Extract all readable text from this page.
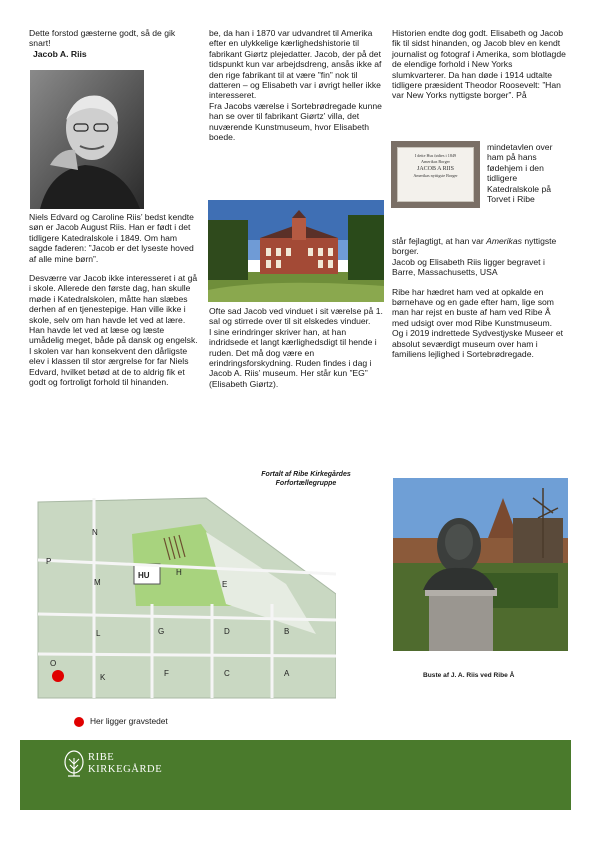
Dette forstod gæsterne godt, så de gik snart!

Jacob A. Riis

Niels Edvard og Caroline Riis’ bedst kendte søn er Jacob August Riis. Han er født i det tidligere Katedralskole i 1849. Om ham sagde faderen: ”Jacob er det lyseste hoved af alle mine børn”.

Desværre var Jacob ikke interesseret i at gå i skole. Allerede den første dag, han skulle møde i Katedralskolen, måtte han slæbes derhen af en tjenestepige. Han ville ikke i skole, selv om han havde let ved at lære. Han havde let ved at læse og læste umådelig meget, både på dansk og engelsk.

I skolen var han konsekvent den dårligste elev i klassen til stor ærgrelse for far Niels Edvard, hvilket betød at de to aldrig fik et godt og fortroligt forhold til hinanden.

be, da han i 1870 var udvandret til Amerika efter en ulykkelige kærlighedshistorie til fabrikant Giørtz plejedatter. Jacob, der på det tidspunkt kun var arbejdsdreng, ansås ikke af den rige fabrikant til at være ”fin” nok til datteren – og Elisabeth var i øvrigt heller ikke interesseret.

Fra Jacobs værelse i Sortebrødregade kunne han se over til fabrikant Giørtz’ villa, det nuværende Kunstmuseum, hvor Elisabeth boede.

Ofte sad Jacob ved vinduet i sit værelse på 1. sal og stirrede over til sit elskedes vinduer.

I sine erindringer skriver han, at han indridsede et langt kærlighedsdigt til hende i ruden. Det må dog være en erindringsforskydning. Ruden findes i dag i Jacob A. Riis’ museum. Her står kun ”EG” (Elisabeth Giørtz).

Fortalt af Ribe Kirkegårdes Forfortællegruppe

Historien endte dog godt. Elisabeth og Jacob fik til sidst hinanden, og Jacob blev en kendt journalist og fotograf i Amerika, som blotlagde de elendige forhold i New Yorks slumkvarterer. Da han døde i 1914 udtalte tidligere præsident Theodor Roosevelt: ”Han var New Yorks nyttigste borger”. På

I dette Hus fødtes i 1849
Amerikas Borger
JACOB A RIIS
Amerikas nyttigste Borger

mindetavlen over ham på hans fødehjem i den tidligere Katedralskole på Torvet i Ribe

står fejlagtigt, at han var Amerikas nyttigste borger.

Jacob og Elisabeth Riis ligger begravet i Barre, Massachusetts, USA

Ribe har hædret ham ved at opkalde en børnehave og en gade efter ham, lige som man har rejst en buste af ham ved Ribe Å med udsigt over mod Ribe Kunstmuseum.

Og i 2019 indrettede Sydvestjyske Museer et absolut seværdigt museum over ham i familiens lejlighed i Sortebrødregade.

Buste af J. A. Riis ved Ribe Å
N
P
M
HU	H
E
L	G	D	B
O
K	F	C	A
Her ligger gravstedet
RIBE
KIRKEGÅRDE
